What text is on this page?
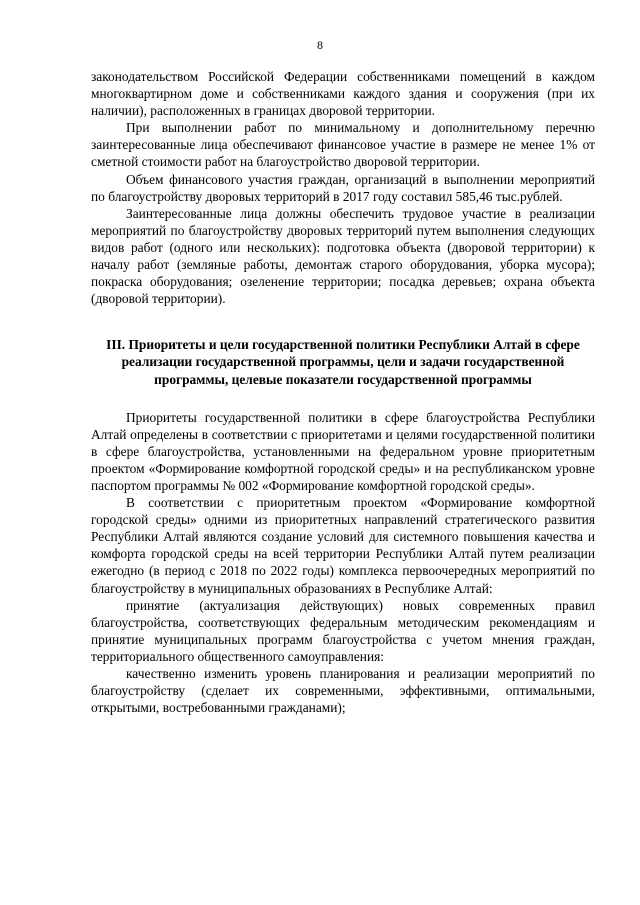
8

законодательством Российской Федерации собственниками помещений в каждом многоквартирном доме и собственниками каждого здания и сооружения (при их наличии), расположенных в границах дворовой территории.

При выполнении работ по минимальному и дополнительному перечню заинтересованные лица обеспечивают финансовое участие в размере не менее 1% от сметной стоимости работ на благоустройство дворовой территории.

Объем финансового участия граждан, организаций в выполнении мероприятий по благоустройству дворовых территорий в 2017 году составил 585,46 тыс.рублей.

Заинтересованные лица должны обеспечить трудовое участие в реализации мероприятий по благоустройству дворовых территорий путем выполнения следующих видов работ (одного или нескольких): подготовка объекта (дворовой территории) к началу работ (земляные работы, демонтаж старого оборудования, уборка мусора); покраска оборудования; озеленение территории; посадка деревьев; охрана объекта (дворовой территории).

III. Приоритеты и цели государственной политики Республики Алтай в сфере реализации государственной программы, цели и задачи государственной программы, целевые показатели государственной программы

Приоритеты государственной политики в сфере благоустройства Республики Алтай определены в соответствии с приоритетами и целями государственной политики в сфере благоустройства, установленными на федеральном уровне приоритетным проектом «Формирование комфортной городской среды» и на республиканском уровне паспортом программы № 002 «Формирование комфортной городской среды».

В соответствии с приоритетным проектом «Формирование комфортной городской среды» одними из приоритетных направлений стратегического развития Республики Алтай являются создание условий для системного повышения качества и комфорта городской среды на всей территории Республики Алтай путем реализации ежегодно (в период с 2018 по 2022 годы) комплекса первоочередных мероприятий по благоустройству в муниципальных образованиях в Республике Алтай:

принятие (актуализация действующих) новых современных правил благоустройства, соответствующих федеральным методическим рекомендациям и принятие муниципальных программ благоустройства с учетом мнения граждан, территориального общественного самоуправления:

качественно изменить уровень планирования и реализации мероприятий по благоустройству (сделает их современными, эффективными, оптимальными, открытыми, востребованными гражданами);
